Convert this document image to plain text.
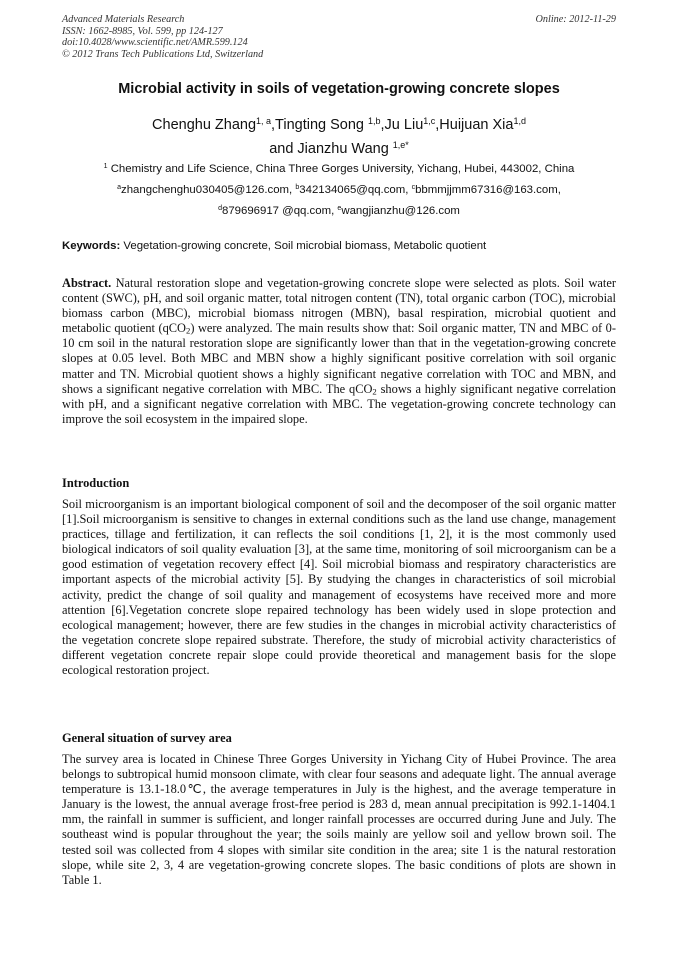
Advanced Materials Research
ISSN: 1662-8985, Vol. 599, pp 124-127
doi:10.4028/www.scientific.net/AMR.599.124
© 2012 Trans Tech Publications Ltd, Switzerland
Online: 2012-11-29
Microbial activity in soils of vegetation-growing concrete slopes
Chenghu Zhang$^{1, a}$,Tingting Song $^{1,b}$,Ju Liu$^{1,c}$,Huijuan Xia$^{1,d}$
and Jianzhu Wang $^{1,e*}$
$^1$ Chemistry and Life Science, China Three Gorges University, Yichang, Hubei, 443002, China
$^a$zhangchenghu030405@126.com, $^b$342134065@qq.com, $^c$bbmmjjmm67316@163.com,
$^d$879696917 @qq.com, $^e$wangjianzhu@126.com
Keywords: Vegetation-growing concrete, Soil microbial biomass, Metabolic quotient
Abstract. Natural restoration slope and vegetation-growing concrete slope were selected as plots. Soil water content (SWC), pH, and soil organic matter, total nitrogen content (TN), total organic carbon (TOC), microbial biomass carbon (MBC), microbial biomass nitrogen (MBN), basal respiration, microbial quotient and metabolic quotient (qCO$_2$) were analyzed. The main results show that: Soil organic matter, TN and MBC of 0-10 cm soil in the natural restoration slope are significantly lower than that in the vegetation-growing concrete slopes at 0.05 level. Both MBC and MBN show a highly significant positive correlation with soil organic matter and TN. Microbial quotient shows a highly significant negative correlation with TOC and MBN, and shows a significant negative correlation with MBC. The qCO$_2$ shows a highly significant negative correlation with pH, and a significant negative correlation with MBC. The vegetation-growing concrete technology can improve the soil ecosystem in the impaired slope.
Introduction
Soil microorganism is an important biological component of soil and the decomposer of the soil organic matter [1].Soil microorganism is sensitive to changes in external conditions such as the land use change, management practices, tillage and fertilization, it can reflects the soil conditions [1, 2], it is the most commonly used biological indicators of soil quality evaluation [3], at the same time, monitoring of soil microorganism can be a good estimation of vegetation recovery effect [4]. Soil microbial biomass and respiratory characteristics are important aspects of the microbial activity [5]. By studying the changes in characteristics of soil microbial activity, predict the change of soil quality and management of ecosystems have received more and more attention [6].Vegetation concrete slope repaired technology has been widely used in slope protection and ecological management; however, there are few studies in the changes in microbial activity characteristics of the vegetation concrete slope repaired substrate. Therefore, the study of microbial activity characteristics of different vegetation concrete repair slope could provide theoretical and management basis for the slope ecological restoration project.
General situation of survey area
The survey area is located in Chinese Three Gorges University in Yichang City of Hubei Province. The area belongs to subtropical humid monsoon climate, with clear four seasons and adequate light. The annual average temperature is 13.1-18.0℃, the average temperatures in July is the highest, and the average temperature in January is the lowest, the annual average frost-free period is 283 d, mean annual precipitation is 992.1-1404.1 mm, the rainfall in summer is sufficient, and longer rainfall processes are occurred during June and July. The southeast wind is popular throughout the year; the soils mainly are yellow soil and yellow brown soil. The tested soil was collected from 4 slopes with similar site condition in the area; site 1 is the natural restoration slope, while site 2, 3, 4 are vegetation-growing concrete slopes. The basic conditions of plots are shown in Table 1.
